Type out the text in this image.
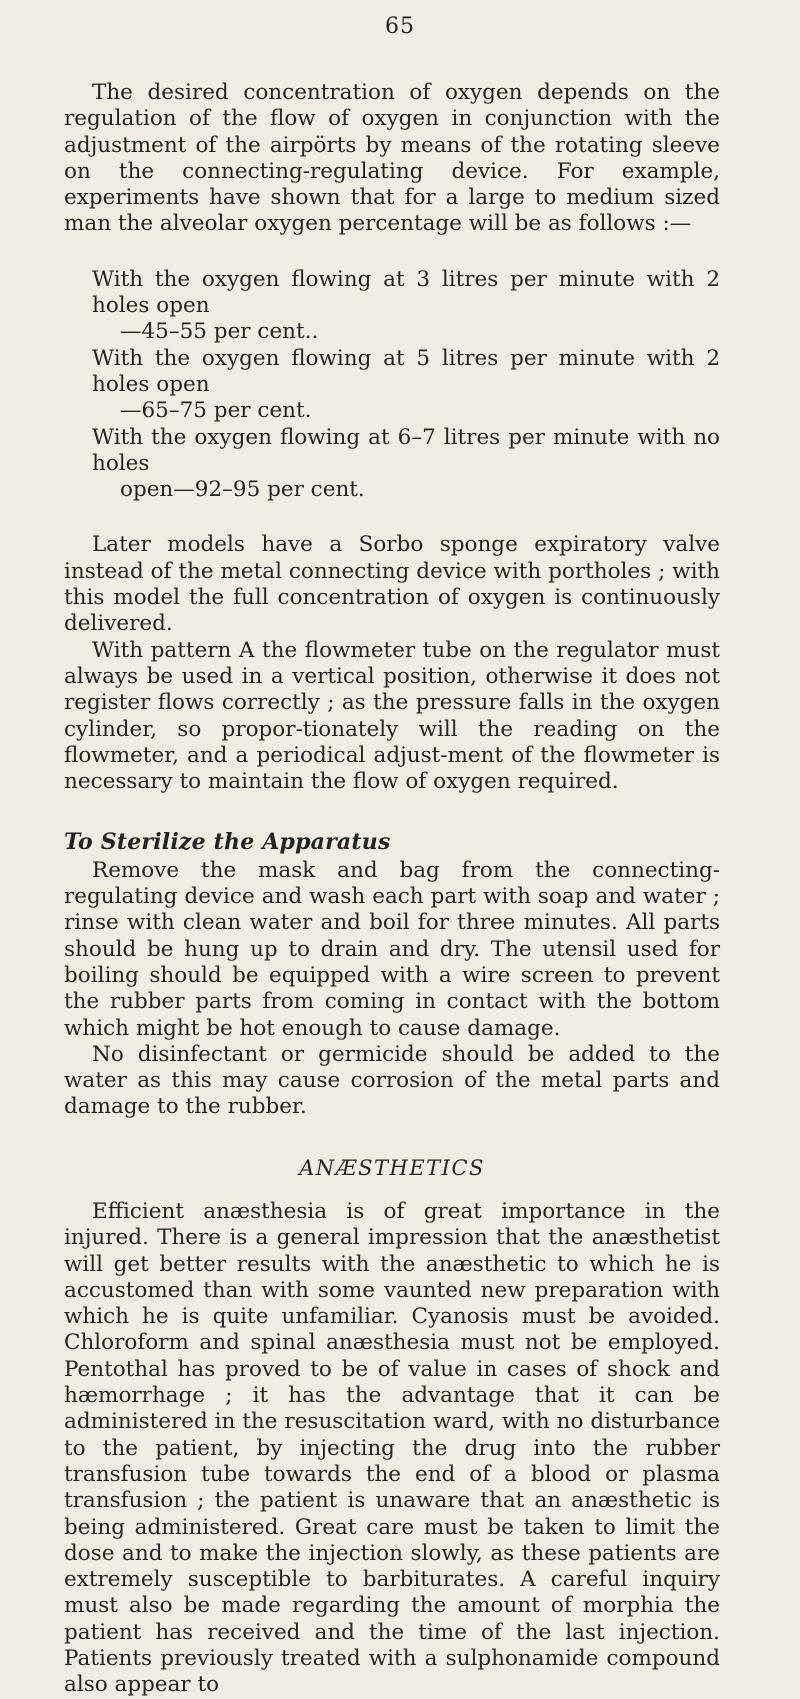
65

The desired concentration of oxygen depends on the regulation of the flow of oxygen in conjunction with the adjustment of the airpörts by means of the rotating sleeve on the connecting-regulating device. For example, experiments have shown that for a large to medium sized man the alveolar oxygen percentage will be as follows :—

With the oxygen flowing at 3 litres per minute with 2 holes open
—45–55 per cent..

With the oxygen flowing at 5 litres per minute with 2 holes open
—65–75 per cent.

With the oxygen flowing at 6–7 litres per minute with no holes
open—92–95 per cent.

Later models have a Sorbo sponge expiratory valve instead of the metal connecting device with portholes ; with this model the full concentration of oxygen is continuously delivered.

With pattern A the flowmeter tube on the regulator must always be used in a vertical position, otherwise it does not register flows correctly ; as the pressure falls in the oxygen cylinder, so propor-tionately will the reading on the flowmeter, and a periodical adjust-ment of the flowmeter is necessary to maintain the flow of oxygen required.

To Sterilize the Apparatus

Remove the mask and bag from the connecting-regulating device and wash each part with soap and water ; rinse with clean water and boil for three minutes. All parts should be hung up to drain and dry. The utensil used for boiling should be equipped with a wire screen to prevent the rubber parts from coming in contact with the bottom which might be hot enough to cause damage.

No disinfectant or germicide should be added to the water as this may cause corrosion of the metal parts and damage to the rubber.

ANÆSTHETICS

Efficient anæsthesia is of great importance in the injured. There is a general impression that the anæsthetist will get better results with the anæsthetic to which he is accustomed than with some vaunted new preparation with which he is quite unfamiliar. Cyanosis must be avoided. Chloroform and spinal anæsthesia must not be employed. Pentothal has proved to be of value in cases of shock and hæmorrhage ; it has the advantage that it can be administered in the resuscitation ward, with no disturbance to the patient, by injecting the drug into the rubber transfusion tube towards the end of a blood or plasma transfusion ; the patient is unaware that an anæsthetic is being administered. Great care must be taken to limit the dose and to make the injection slowly, as these patients are extremely susceptible to barbiturates. A careful inquiry must also be made regarding the amount of morphia the patient has received and the time of the last injection. Patients previously treated with a sulphonamide compound also appear to
